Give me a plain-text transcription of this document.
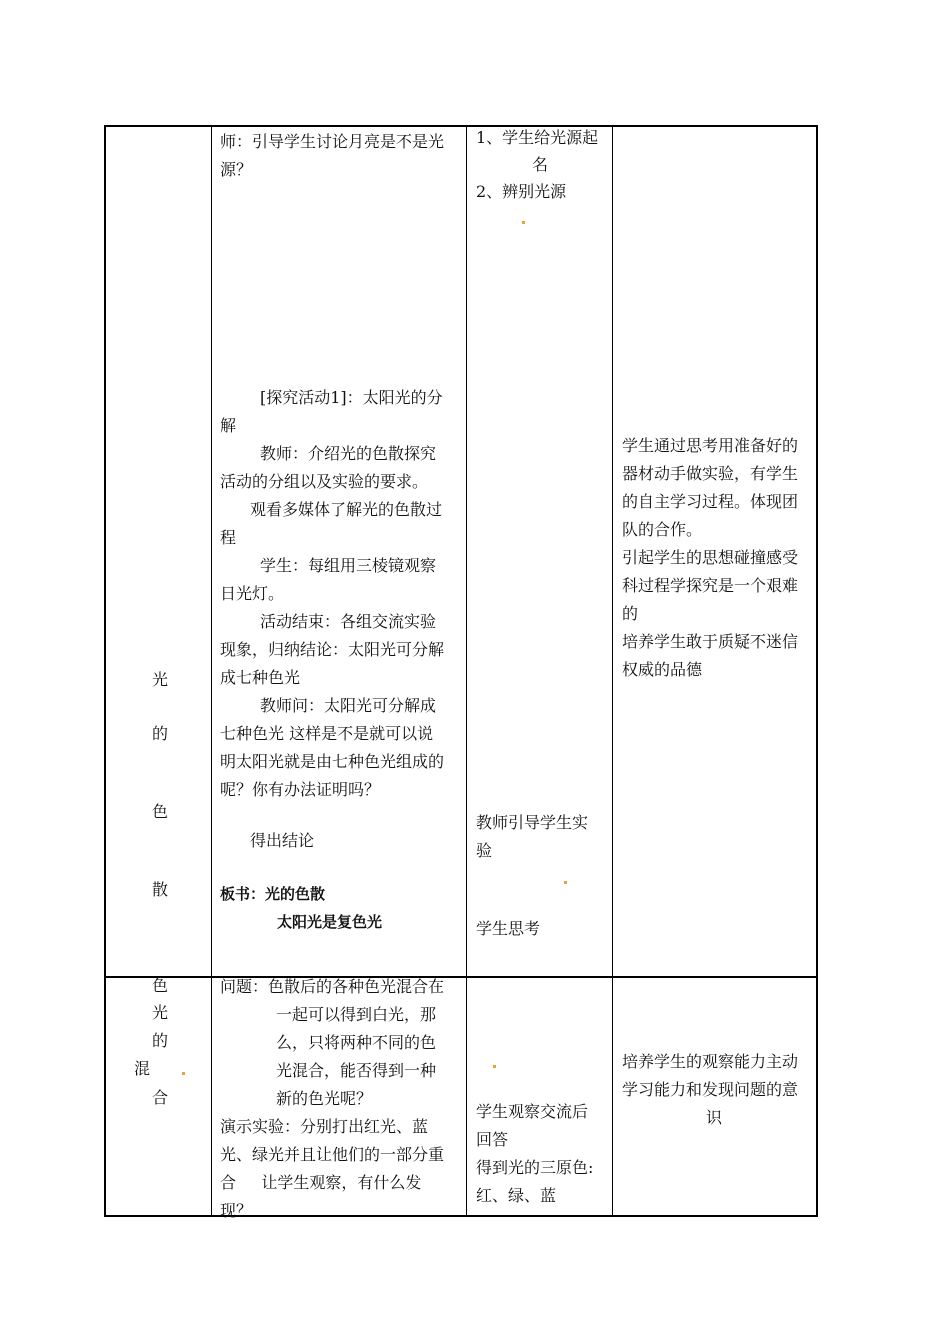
光
的
色
散
师：引导学生讨论月亮是不是光
源？
[探究活动1]：太阳光的分
解
教师：介绍光的色散探究
活动的分组以及实验的要求。
观看多媒体了解光的色散过
程
学生：每组用三棱镜观察
日光灯。
活动结束：各组交流实验
现象，归纳结论：太阳光可分解
成七种色光
教师问：太阳光可分解成
七种色光 这样是不是就可以说
明太阳光就是由七种色光组成的
呢？你有办法证明吗？
得出结论
板书：光的色散
太阳光是复色光
1、学生给光源起
名
2、辨别光源
教师引导学生实
验
学生思考
学生通过思考用准备好的
器材动手做实验，有学生
的自主学习过程。体现团
队的合作。
引起学生的思想碰撞感受
科过程学探究是一个艰难
的
培养学生敢于质疑不迷信
权威的品德
色
光
的
混
合
问题：色散后的各种色光混合在
一起可以得到白光，那
么，只将两种不同的色
光混合，能否得到一种
新的色光呢？
演示实验：分别打出红光、蓝
光、绿光并且让他们的一部分重
合     让学生观察，有什么发
现？
学生观察交流后
回答
得到光的三原色:
红、绿、蓝
培养学生的观察能力主动
学习能力和发现问题的意
识
